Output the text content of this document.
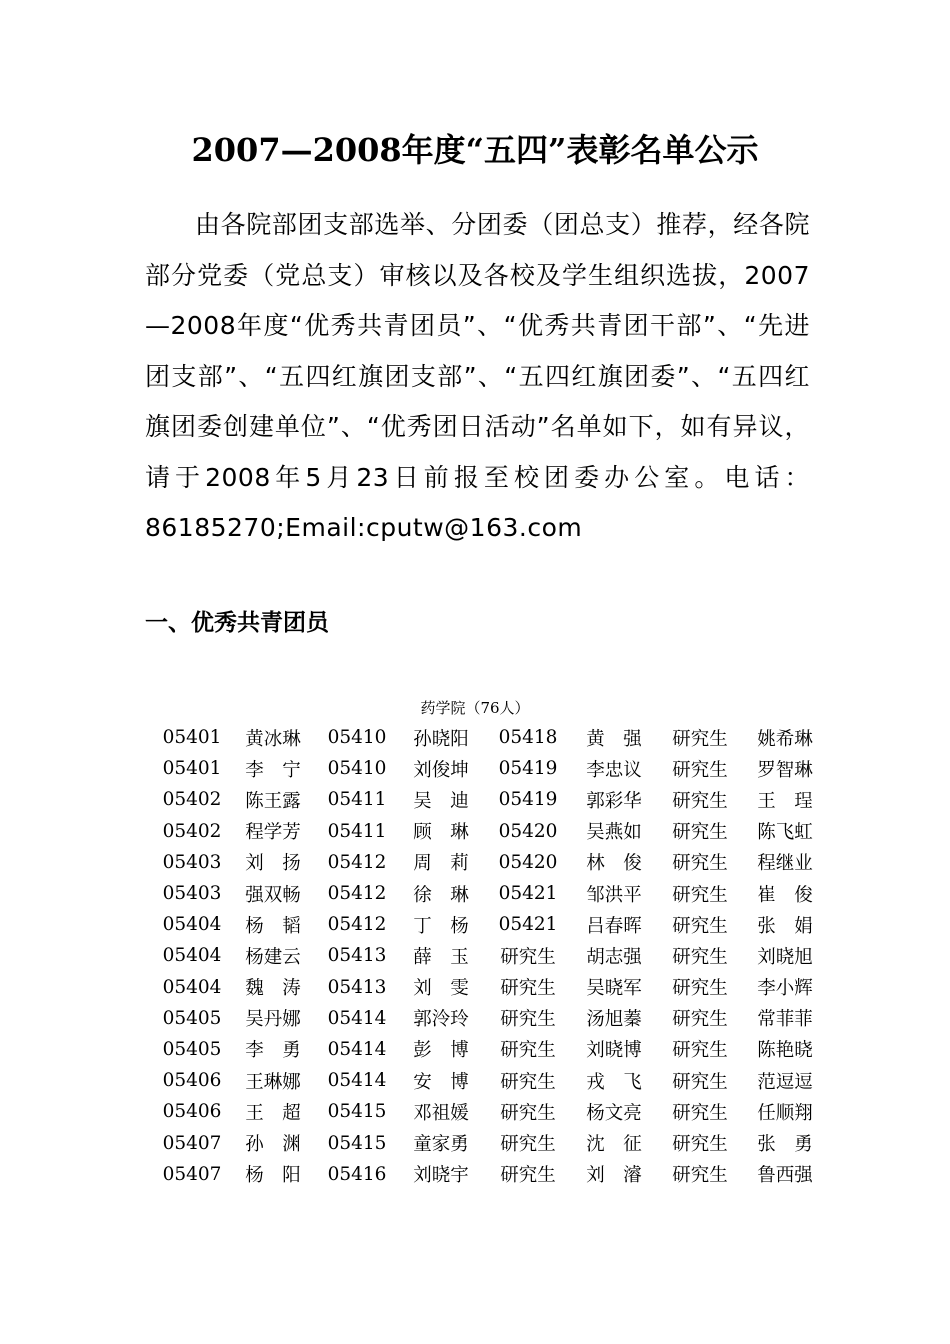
2007—2008年度“五四”表彰名单公示

由各院部团支部选举、分团委（团总支）推荐，经各院部分党委（党总支）审核以及各校及学生组织选拔，2007—2008年度“优秀共青团员”、“优秀共青团干部”、“先进团支部”、“五四红旗团支部”、“五四红旗团委”、“五四红旗团委创建单位”、“优秀团日活动”名单如下，如有异议，请于2008年5月23日前报至校团委办公室。电话：86185270;Email:cputw@163.com

一、优秀共青团员
药学院（76人）
05401	黄冰琳	05410	孙晓阳	05418	黄　强	研究生	姚希琳
05401	李　宁	05410	刘俊坤	05419	李忠议	研究生	罗智琳
05402	陈王露	05411	吴　迪	05419	郭彩华	研究生	王　珵
05402	程学芳	05411	顾　琳	05420	吴燕如	研究生	陈飞虹
05403	刘　扬	05412	周　莉	05420	林　俊	研究生	程继业
05403	强双畅	05412	徐　琳	05421	邹洪平	研究生	崔　俊
05404	杨　韬	05412	丁　杨	05421	吕春晖	研究生	张　娟
05404	杨建云	05413	薛　玉	研究生	胡志强	研究生	刘晓旭
05404	魏　涛	05413	刘　雯	研究生	吴晓军	研究生	李小辉
05405	吴丹娜	05414	郭泠玲	研究生	汤旭蓁	研究生	常菲菲
05405	李　勇	05414	彭　博	研究生	刘晓博	研究生	陈艳晓
05406	王琳娜	05414	安　博	研究生	戎　飞	研究生	范逗逗
05406	王　超	05415	邓祖媛	研究生	杨文亮	研究生	任顺翔
05407	孙　渊	05415	童家勇	研究生	沈　征	研究生	张　勇
05407	杨　阳	05416	刘晓宇	研究生	刘　濬	研究生	鲁西强
